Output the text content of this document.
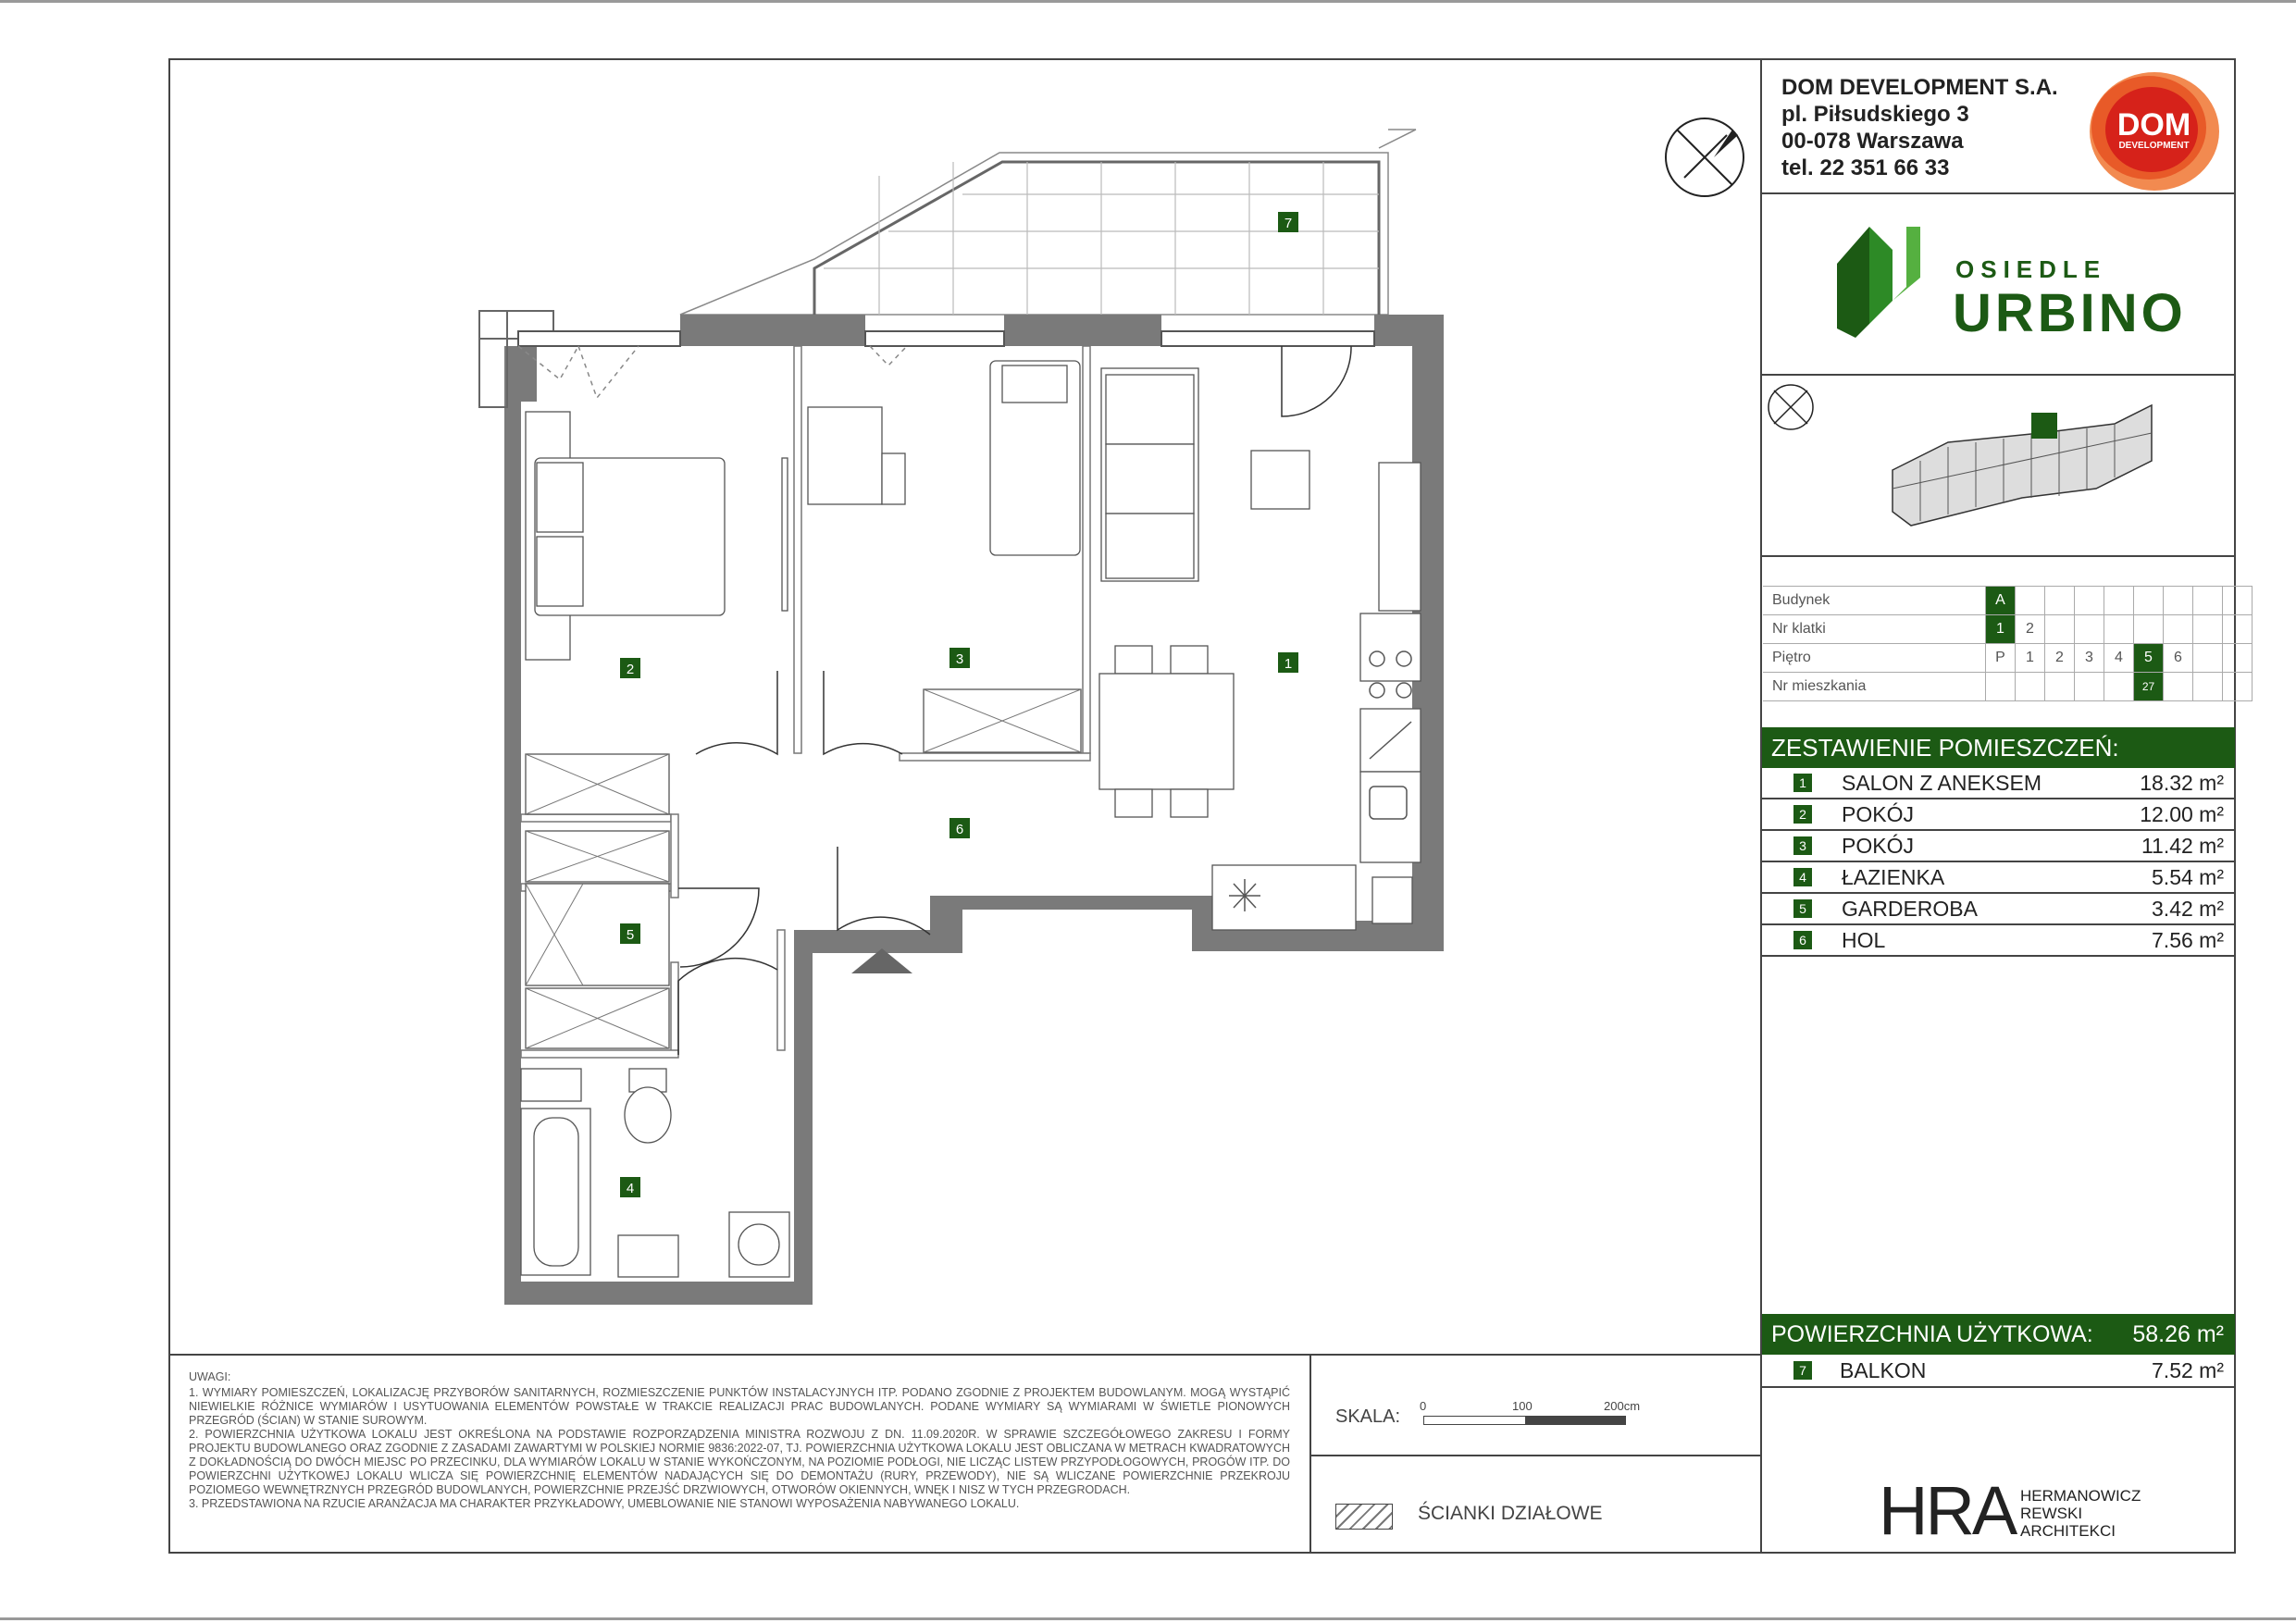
7
1
2
3
4
5
6
DOM DEVELOPMENT S.A.
pl. Piłsudskiego 3
00-078 Warszawa
tel. 22 351 66 33
DOM
DEVELOPMENT
OSIEDLE
URBINO
Budynek	A								
Nr klatki	1	2							
Piętro	P	1	2	3	4	5	6		
Nr mieszkania						27			
ZESTAWIENIE POMIESZCZEŃ:
1 SALON Z ANEKSEM	18.32 m²
2 POKÓJ	12.00 m²
3 POKÓJ	11.42 m²
4 ŁAZIENKA	5.54 m²
5 GARDEROBA	3.42 m²
6 HOL	7.56 m²
POWIERZCHNIA UŻYTKOWA: 58.26 m²
7 BALKON	7.52 m²
UWAGI:
1. WYMIARY POMIESZCZEŃ, LOKALIZACJĘ PRZYBORÓW SANITARNYCH, ROZMIESZCZENIE PUNKTÓW INSTALACYJNYCH ITP. PODANO ZGODNIE Z PROJEKTEM BUDOWLANYM. MOGĄ WYSTĄPIĆ NIEWIELKIE RÓŻNICE WYMIARÓW I USYTUOWANIA ELEMENTÓW POWSTAŁE W TRAKCIE REALIZACJI PRAC BUDOWLANYCH. PODANE WYMIARY SĄ WYMIARAMI W ŚWIETLE PIONOWYCH PRZEGRÓD (ŚCIAN) W STANIE SUROWYM.
2. POWIERZCHNIA UŻYTKOWA LOKALU JEST OKREŚLONA NA PODSTAWIE ROZPORZĄDZENIA MINISTRA ROZWOJU Z DN. 11.09.2020R. W SPRAWIE SZCZEGÓŁOWEGO ZAKRESU I FORMY PROJEKTU BUDOWLANEGO ORAZ ZGODNIE Z ZASADAMI ZAWARTYMI W POLSKIEJ NORMIE 9836:2022-07, TJ. POWIERZCHNIA UŻYTKOWA LOKALU JEST OBLICZANA W METRACH KWADRATOWYCH Z DOKŁADNOŚCIĄ DO DWÓCH MIEJSC PO PRZECINKU, DLA WYMIARÓW LOKALU W STANIE WYKOŃCZONYM, NA POZIOMIE PODŁOGI, NIE LICZĄC LISTEW PRZYPODŁOGOWYCH, PROGÓW ITP. DO POWIERZCHNI UŻYTKOWEJ LOKALU WLICZA SIĘ POWIERZCHNIĘ ELEMENTÓW NADAJĄCYCH SIĘ DO DEMONTAŻU (RURY, PRZEWODY), NIE SĄ WLICZANE POWIERZCHNIE PRZEKROJU POZIOMEGO WEWNĘTRZNYCH PRZEGRÓD BUDOWLANYCH, POWIERZCHNIE PRZEJŚĆ DRZWIOWYCH, OTWORÓW OKIENNYCH, WNĘK I NISZ W TYCH PRZEGRODACH.
3. PRZEDSTAWIONA NA RZUCIE ARANŻACJA MA CHARAKTER PRZYKŁADOWY, UMEBLOWANIE NIE STANOWI WYPOSAŻENIA NABYWANEGO LOKALU.
SKALA:
0	100	200cm
ŚCIANKI DZIAŁOWE	HRA HERMANOWICZ
REWSKI
ARCHITEKCI
